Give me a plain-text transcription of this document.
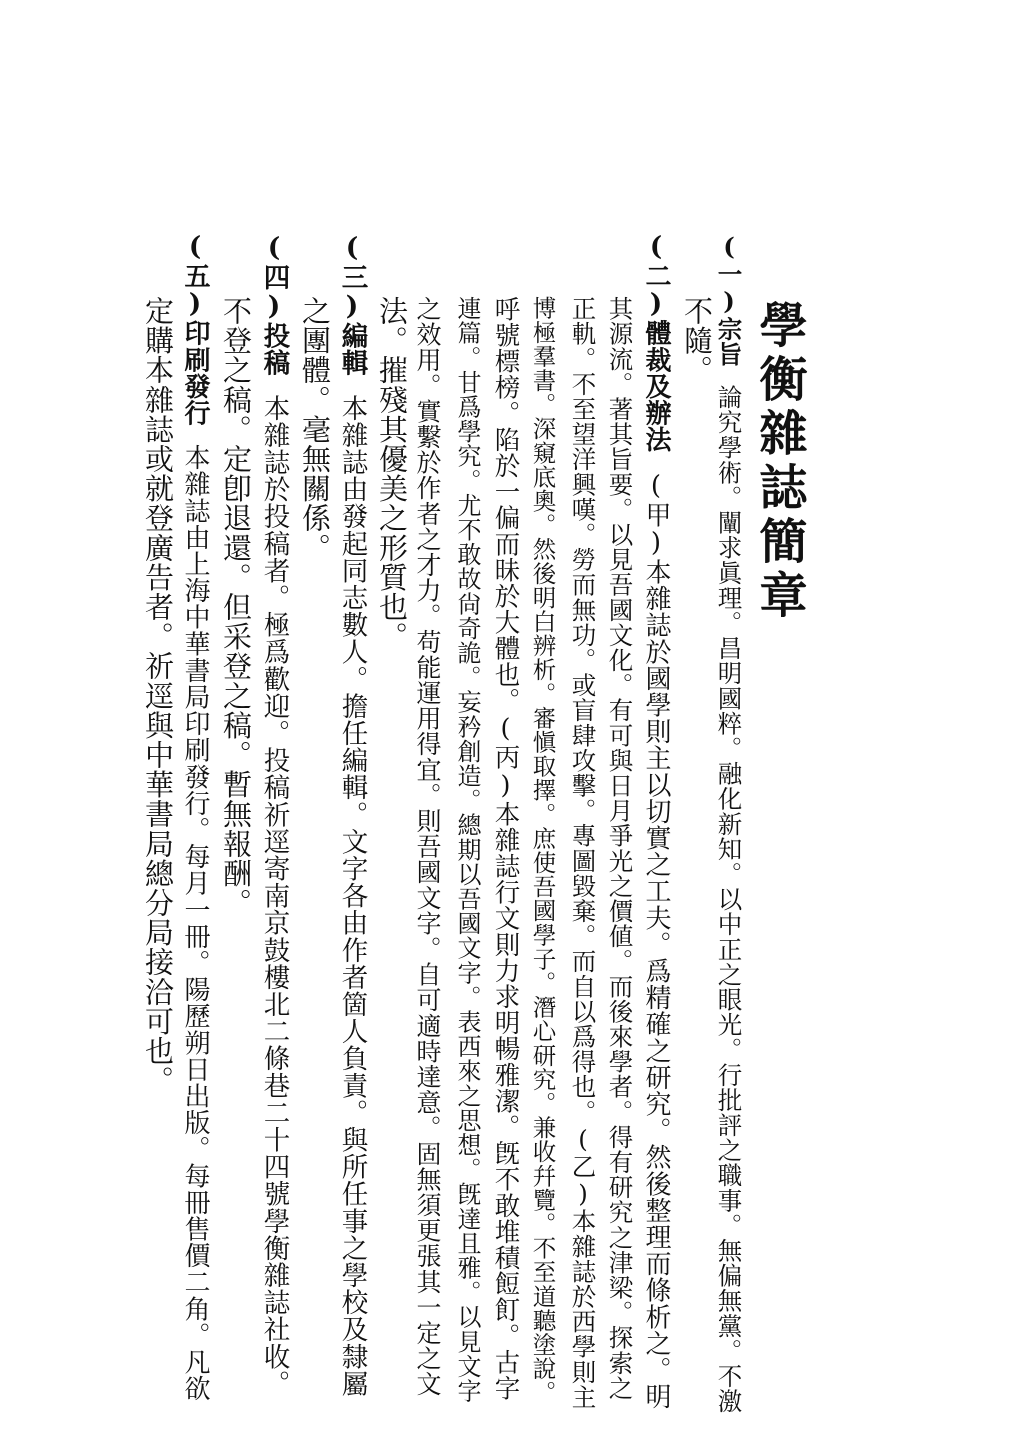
學衡雜誌簡章
(一)宗旨論究學術。闡求眞理。昌明國粹。融化新知。以中正之眼光。行批評之職事。無偏無黨。不激
不隨。
(二)體裁及辦法(甲)本雜誌於國學則主以切實之工夫。爲精確之研究。然後整理而條析之。明
其源流。著其旨要。以見吾國文化。有可與日月爭光之價値。而後來學者。得有研究之津梁。探索之
正軌。不至望洋興嘆。勞而無功。或盲肆攻擊。專圖毀棄。而自以爲得也。(乙)本雜誌於西學則主
博極羣書。深窺底奧。然後明白辨析。審愼取擇。庶使吾國學子。潛心研究。兼收幷覽。不至道聽塗說。
呼號標榜。陷於一偏而昧於大體也。(丙)本雜誌行文則力求明暢雅潔。旣不敢堆積餖飣。古字
連篇。甘爲學究。尤不敢故尙奇詭。妄矜創造。總期以吾國文字。表西來之思想。旣達且雅。以見文字
之效用。實繫於作者之才力。苟能運用得宜。則吾國文字。自可適時達意。固無須更張其一定之文
法。摧殘其優美之形質也。
(三)編輯本雜誌由發起同志數人。擔任編輯。文字各由作者箇人負責。與所任事之學校及隸屬
之團體。毫無關係。
(四)投稿本雜誌於投稿者。極爲歡迎。投稿祈逕寄南京鼓樓北二條巷二十四號學衡雜誌社收。
不登之稿。定卽退還。但采登之稿。暫無報酬。
(五)印刷發行本雜誌由上海中華書局印刷發行。每月一冊。陽歷朔日出版。每冊售價二角。凡欲
定購本雜誌或就登廣告者。祈逕與中華書局總分局接洽可也。
